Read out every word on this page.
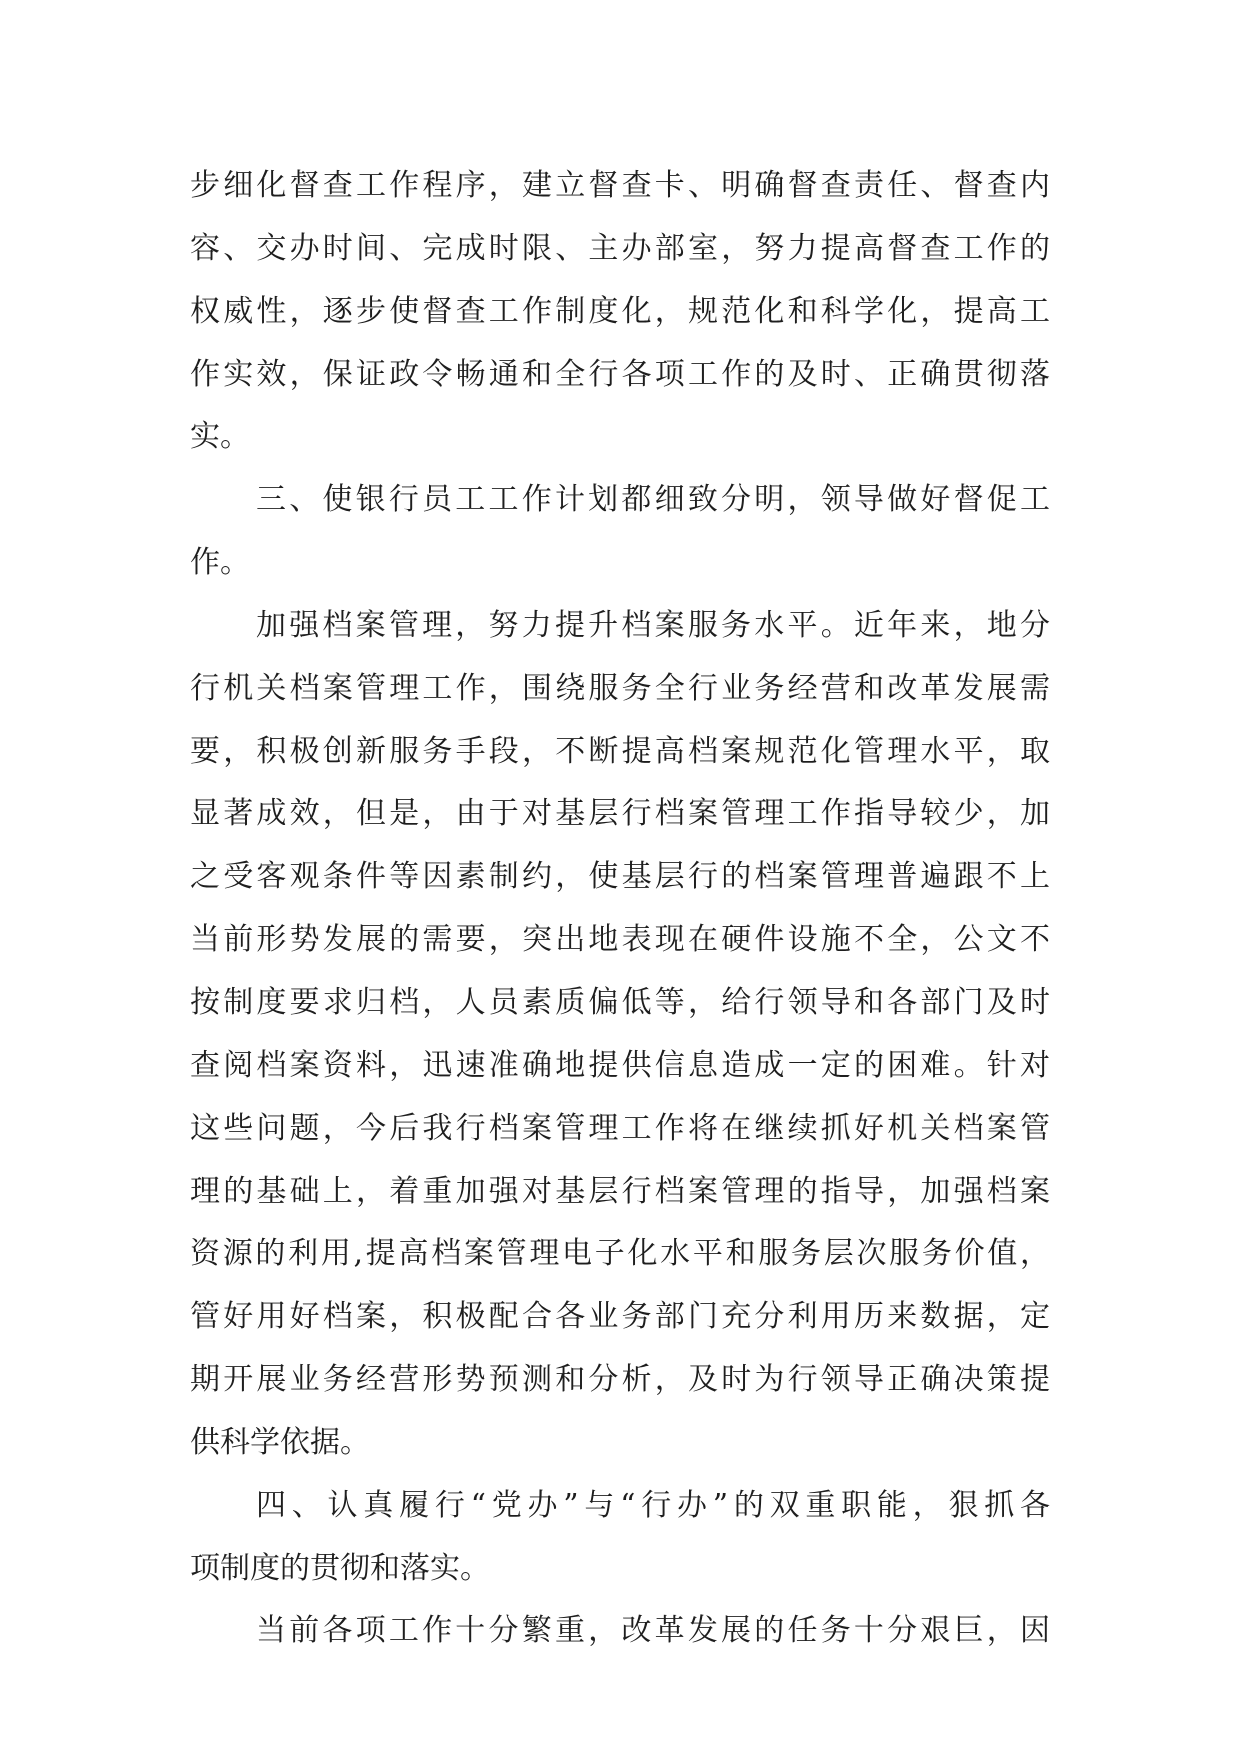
步细化督查工作程序，建立督查卡、明确督查责任、督查内
容、交办时间、完成时限、主办部室，努力提高督查工作的
权威性，逐步使督查工作制度化，规范化和科学化，提高工
作实效，保证政令畅通和全行各项工作的及时、正确贯彻落
实。
三、使银行员工工作计划都细致分明，领导做好督促工
作。
加强档案管理，努力提升档案服务水平。近年来，地分
行机关档案管理工作，围绕服务全行业务经营和改革发展需
要，积极创新服务手段，不断提高档案规范化管理水平，取
显著成效，但是，由于对基层行档案管理工作指导较少，加
之受客观条件等因素制约，使基层行的档案管理普遍跟不上
当前形势发展的需要，突出地表现在硬件设施不全，公文不
按制度要求归档，人员素质偏低等，给行领导和各部门及时
查阅档案资料，迅速准确地提供信息造成一定的困难。针对
这些问题，今后我行档案管理工作将在继续抓好机关档案管
理的基础上，着重加强对基层行档案管理的指导，加强档案
资源的利用,提高档案管理电子化水平和服务层次服务价值，
管好用好档案，积极配合各业务部门充分利用历来数据，定
期开展业务经营形势预测和分析，及时为行领导正确决策提
供科学依据。
四、认真履行“党办”与“行办”的双重职能，狠抓各
项制度的贯彻和落实。
当前各项工作十分繁重，改革发展的任务十分艰巨，因
